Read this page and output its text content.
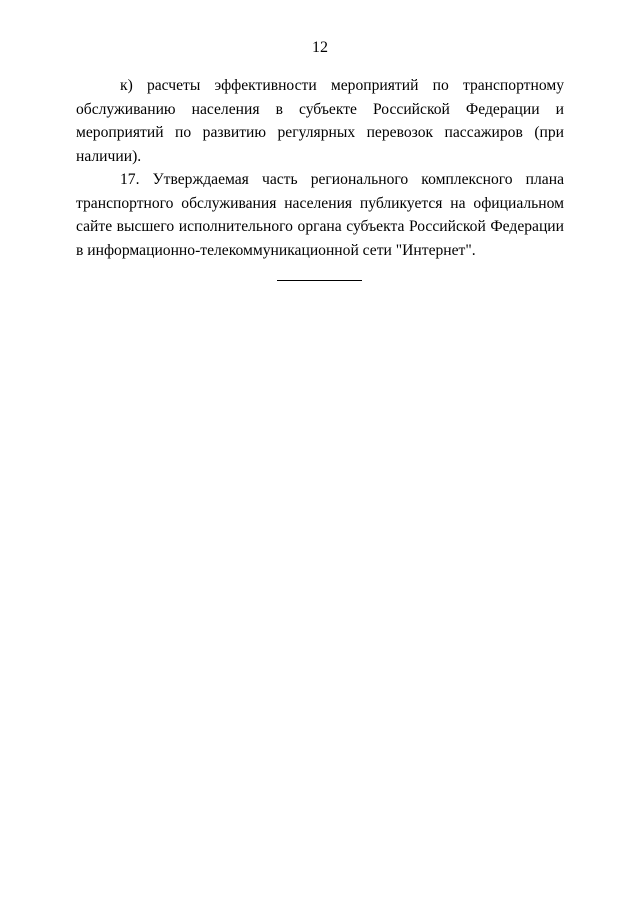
12

к) расчеты эффективности мероприятий по транспортному обслуживанию населения в субъекте Российской Федерации и мероприятий по развитию регулярных перевозок пассажиров (при наличии).

17. Утверждаемая часть регионального комплексного плана транспортного обслуживания населения публикуется на официальном сайте высшего исполнительного органа субъекта Российской Федерации в информационно-телекоммуникационной сети "Интернет".
